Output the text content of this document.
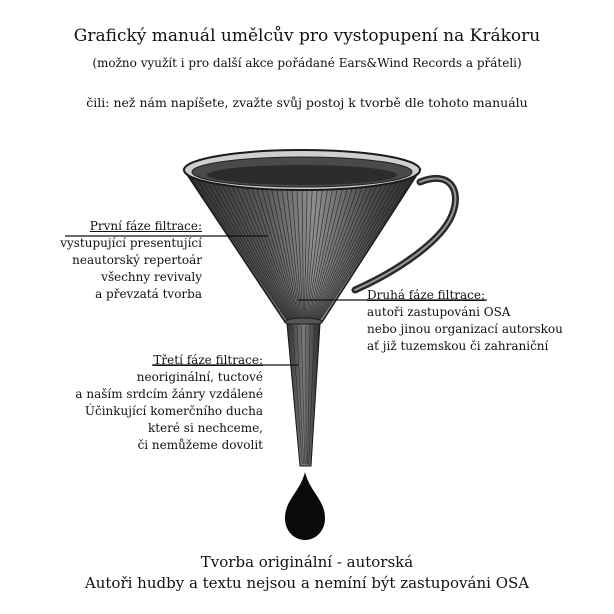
Grafický manuál umělcův pro vystopupení na Krákoru
(možno využít i pro další akce pořádané Ears&Wind Records a přáteli)
čili: než nám napíšete, zvažte svůj postoj k tvorbě dle tohoto manuálu
První fáze filtrace:
vystupující presentující
neautorský repertoár
všechny revivaly
a převzatá tvorba	Druhá fáze filtrace:
autoři zastupováni OSA
nebo jinou organizací autorskou
ať již tuzemskou či zahraniční
Třetí fáze filtrace:
neoriginální, tuctové
a naším srdcím žánry vzdálené
Účinkující komerčního ducha
které si nechceme,
či nemůžeme dovolit
Tvorba originální - autorská
Autoři hudby a textu nejsou a nemíní být zastupováni OSA
